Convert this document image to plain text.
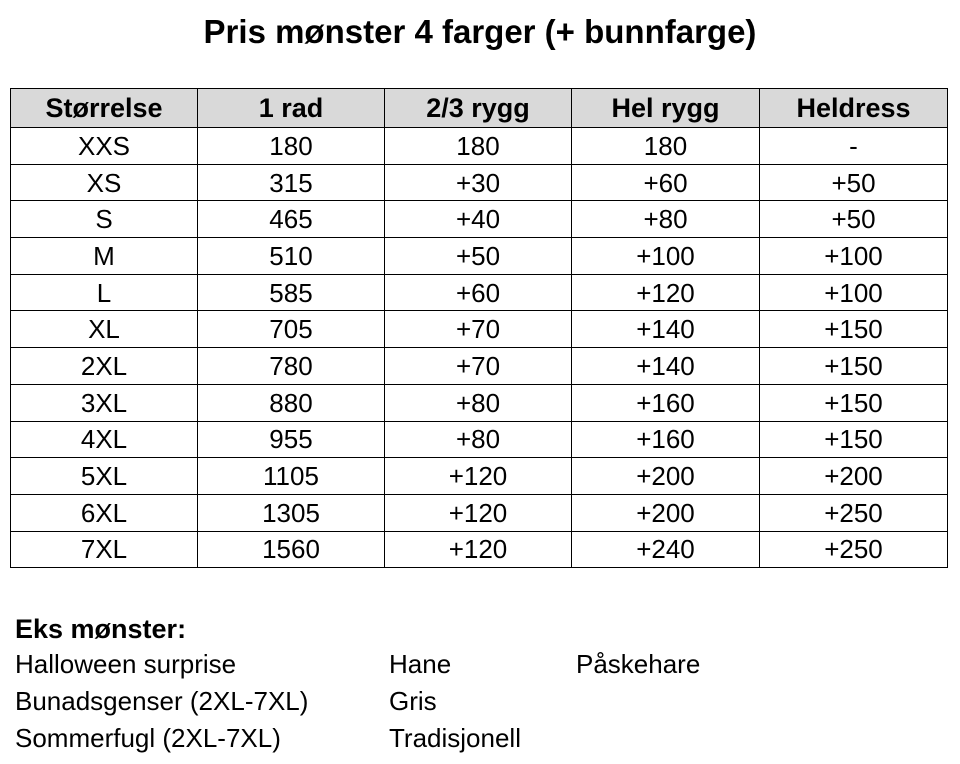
Pris mønster 4 farger (+ bunnfarge)
Størrelse	1 rad	2/3 rygg	Hel rygg	Heldress
XXS	180	180	180	-
XS	315	+30	+60	+50
S	465	+40	+80	+50
M	510	+50	+100	+100
L	585	+60	+120	+100
XL	705	+70	+140	+150
2XL	780	+70	+140	+150
3XL	880	+80	+160	+150
4XL	955	+80	+160	+150
5XL	1105	+120	+200	+200
6XL	1305	+120	+200	+250
7XL	1560	+120	+240	+250
Eks mønster:
Halloween surprise	Hane	Påskehare
Bunadsgenser (2XL-7XL)	Gris
Sommerfugl (2XL-7XL)	Tradisjonell
